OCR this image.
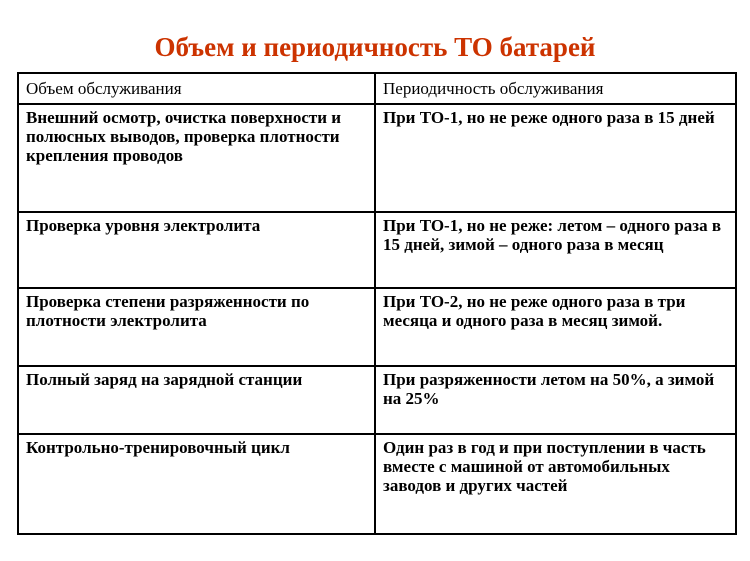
Объем и периодичность ТО батарей
Объем обслуживания	Периодичность обслуживания
Внешний осмотр, очистка поверхности и полюсных выводов, проверка плотности крепления проводов	При ТО-1, но не реже одного раза в 15 дней
Проверка уровня электролита	При ТО-1, но не реже: летом – одного раза в 15 дней, зимой – одного раза в месяц
Проверка степени разряженности по плотности электролита	При ТО-2, но не реже одного раза в три месяца и одного раза в месяц зимой.
Полный заряд на зарядной станции	При разряженности летом на 50%, а зимой на 25%
Контрольно-тренировочный цикл	Один раз в год и при поступлении в часть вместе с машиной от автомобильных заводов и других частей
